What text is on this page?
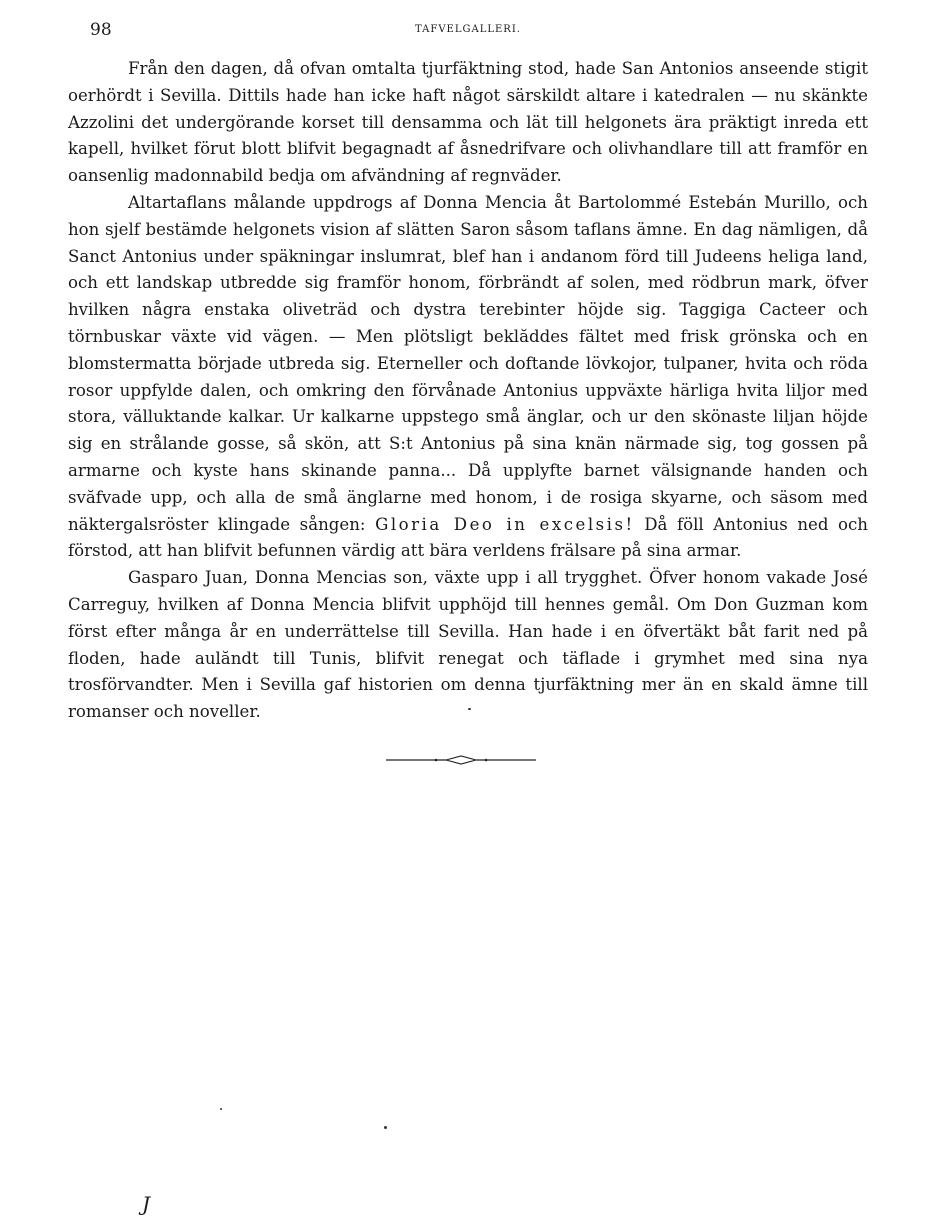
98	TAFVELGALLERI.

Från den dagen, då ofvan omtalta tjurfäktning stod, hade San Antonios anseende stigit oerhördt i Sevilla. Dittils hade han icke haft något särskildt altare i katedralen — nu skänkte Azzolini det undergörande korset till densamma och lät till helgonets ära präktigt inreda ett kapell, hvilket förut blott blifvit begagnadt af åsnedrifvare och olivhandlare till att framför en oansenlig madonnabild bedja om afvändning af regnväder.

Altartaflans målande uppdrogs af Donna Mencia åt Bartolommé Estebán Murillo, och hon sjelf bestämde helgonets vision af slätten Saron såsom taflans ämne. En dag nämligen, då Sanct Antonius under späkningar inslumrat, blef han i andanom förd till Judeens heliga land, och ett landskap utbredde sig framför honom, förbrändt af solen, med rödbrun mark, öfver hvilken några enstaka oliveträd och dystra terebinter höjde sig. Taggiga Cacteer och törnbuskar växte vid vägen. — Men plötsligt beklăddes fältet med frisk grönska och en blomstermatta började utbreda sig. Eterneller och doftande lövkojor, tulpaner, hvita och röda rosor uppfylde dalen, och omkring den förvånade Antonius uppväxte härliga hvita liljor med stora, välluktande kalkar. Ur kalkarne uppstego små änglar, och ur den skönaste liljan höjde sig en strålande gosse, så skön, att S:t Antonius på sina knän närmade sig, tog gossen på armarne och kyste hans skinande panna... Då upplyfte barnet välsignande handen och svăfvade upp, och alla de små änglarne med honom, i de rosiga skyarne, och säsom med näktergalsröster klingade sången: Gloria Deo in excelsis! Då föll Antonius ned och förstod, att han blifvit befunnen värdig att bära verldens frälsare på sina armar.

Gasparo Juan, Donna Mencias son, växte upp i all trygghet. Öfver honom vakade José Carreguy, hvilken af Donna Mencia blifvit upphöjd till hennes gemål. Om Don Guzman kom först efter många år en underrättelse till Sevilla. Han hade i en öfvertäkt båt farit ned på floden, hade aulăndt till Tunis, blifvit renegat och täflade i grymhet med sina nya trosförvandter. Men i Sevilla gaf historien om denna tjurfäktning mer än en skald ämne till romanser och noveller.

J
